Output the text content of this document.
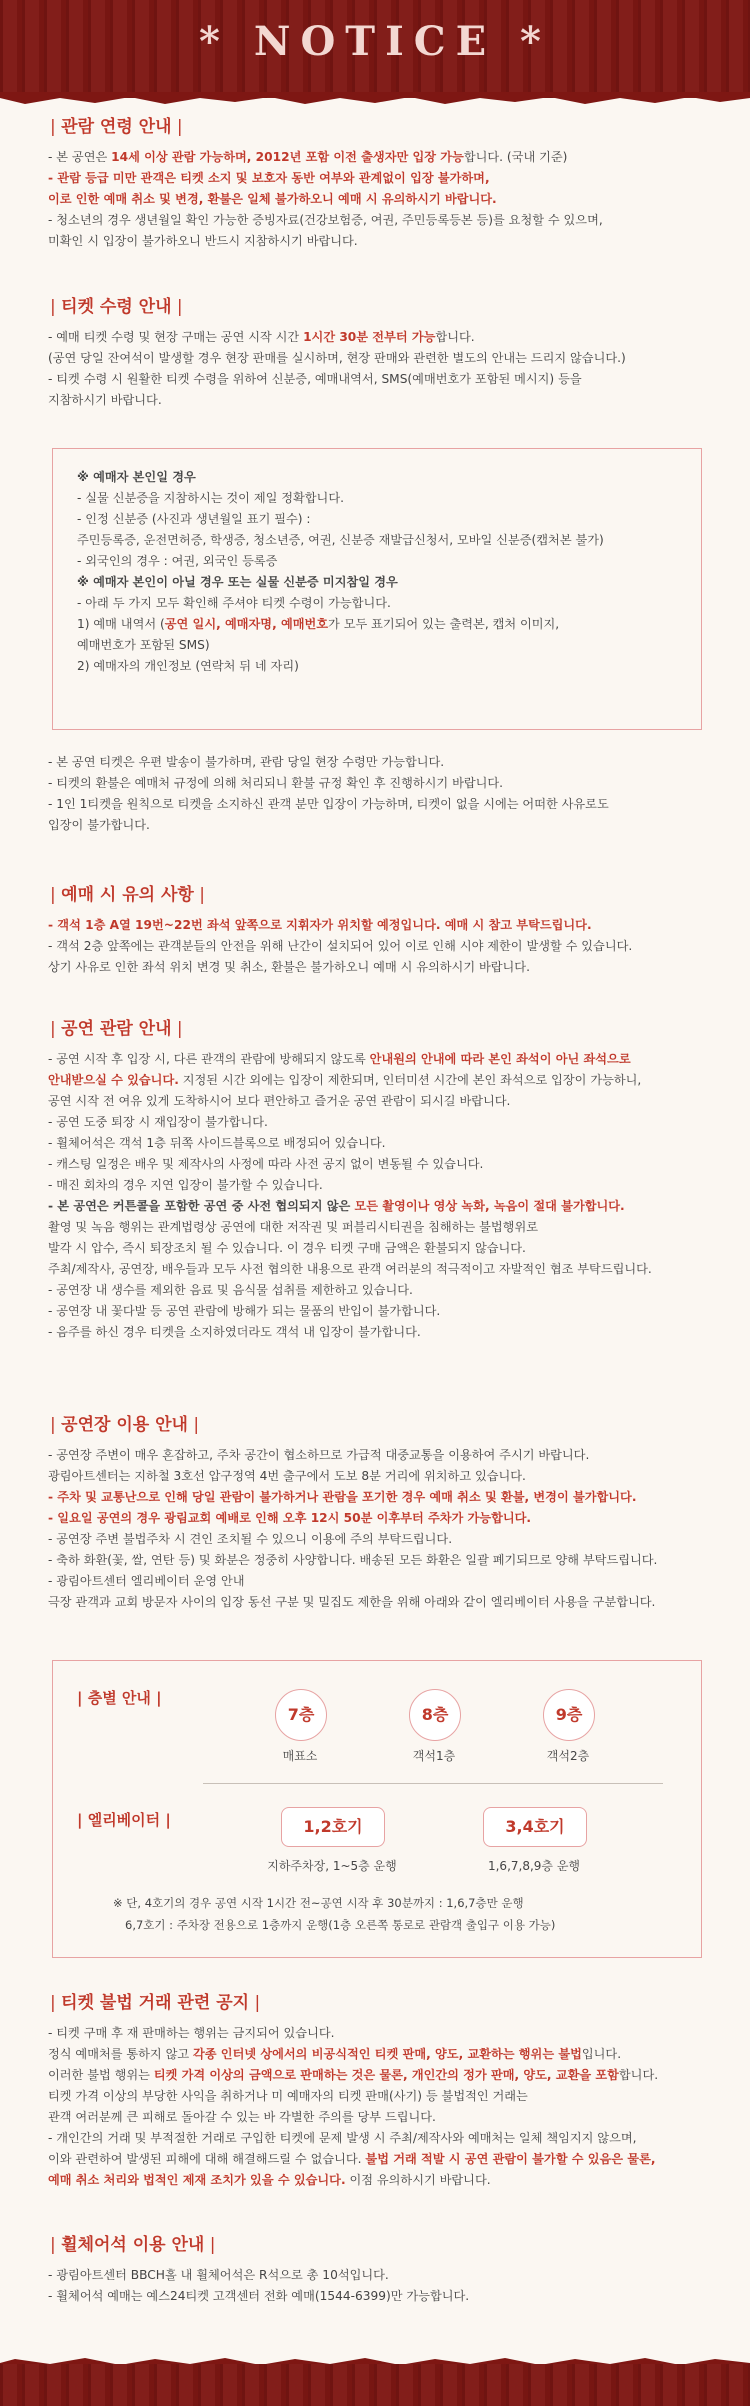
* NOTICE *
| 관람 연령 안내 |
- 본 공연은 14세 이상 관람 가능하며, 2012년 포함 이전 출생자만 입장 가능합니다. (국내 기준)
- 관람 등급 미만 관객은 티켓 소지 및 보호자 동반 여부와 관계없이 입장 불가하며,
이로 인한 예매 취소 및 변경, 환불은 일체 불가하오니 예매 시 유의하시기 바랍니다.
- 청소년의 경우 생년월일 확인 가능한 증빙자료(건강보험증, 여권, 주민등록등본 등)를 요청할 수 있으며,
미확인 시 입장이 불가하오니 반드시 지참하시기 바랍니다.
| 티켓 수령 안내 |
- 예매 티켓 수령 및 현장 구매는 공연 시작 시간 1시간 30분 전부터 가능합니다.
(공연 당일 잔여석이 발생할 경우 현장 판매를 실시하며, 현장 판매와 관련한 별도의 안내는 드리지 않습니다.)
- 티켓 수령 시 원활한 티켓 수령을 위하여 신분증, 예매내역서, SMS(예매번호가 포함된 메시지) 등을
지참하시기 바랍니다.
※ 예매자 본인일 경우
- 실물 신분증을 지참하시는 것이 제일 정확합니다.
- 인정 신분증 (사진과 생년월일 표기 필수) :
주민등록증, 운전면허증, 학생증, 청소년증, 여권, 신분증 재발급신청서, 모바일 신분증(캡처본 불가)
- 외국인의 경우 : 여권, 외국인 등록증
※ 예매자 본인이 아닐 경우 또는 실물 신분증 미지참일 경우
- 아래 두 가지 모두 확인해 주셔야 티켓 수령이 가능합니다.
1) 예매 내역서 (공연 일시, 예매자명, 예매번호가 모두 표기되어 있는 출력본, 캡처 이미지,
예매번호가 포함된 SMS)
2) 예매자의 개인정보 (연락처 뒤 네 자리)
- 본 공연 티켓은 우편 발송이 불가하며, 관람 당일 현장 수령만 가능합니다.
- 티켓의 환불은 예매처 규정에 의해 처리되니 환불 규정 확인 후 진행하시기 바랍니다.
- 1인 1티켓을 원칙으로 티켓을 소지하신 관객 분만 입장이 가능하며, 티켓이 없을 시에는 어떠한 사유로도
입장이 불가합니다.
| 예매 시 유의 사항 |
- 객석 1층 A열 19번~22번 좌석 앞쪽으로 지휘자가 위치할 예정입니다. 예매 시 참고 부탁드립니다.
- 객석 2층 앞쪽에는 관객분들의 안전을 위해 난간이 설치되어 있어 이로 인해 시야 제한이 발생할 수 있습니다.
상기 사유로 인한 좌석 위치 변경 및 취소, 환불은 불가하오니 예매 시 유의하시기 바랍니다.
| 공연 관람 안내 |
- 공연 시작 후 입장 시, 다른 관객의 관람에 방해되지 않도록 안내원의 안내에 따라 본인 좌석이 아닌 좌석으로
안내받으실 수 있습니다. 지정된 시간 외에는 입장이 제한되며, 인터미션 시간에 본인 좌석으로 입장이 가능하니,
공연 시작 전 여유 있게 도착하시어 보다 편안하고 즐거운 공연 관람이 되시길 바랍니다.
- 공연 도중 퇴장 시 재입장이 불가합니다.
- 휠체어석은 객석 1층 뒤쪽 사이드블록으로 배정되어 있습니다.
- 캐스팅 일정은 배우 및 제작사의 사정에 따라 사전 공지 없이 변동될 수 있습니다.
- 매진 회차의 경우 지연 입장이 불가할 수 있습니다.
- 본 공연은 커튼콜을 포함한 공연 중 사전 협의되지 않은 모든 촬영이나 영상 녹화, 녹음이 절대 불가합니다.
촬영 및 녹음 행위는 관계법령상 공연에 대한 저작권 및 퍼블리시티권을 침해하는 불법행위로
발각 시 압수, 즉시 퇴장조치 될 수 있습니다. 이 경우 티켓 구매 금액은 환불되지 않습니다.
주최/제작사, 공연장, 배우들과 모두 사전 협의한 내용으로 관객 여러분의 적극적이고 자발적인 협조 부탁드립니다.
- 공연장 내 생수를 제외한 음료 및 음식물 섭취를 제한하고 있습니다.
- 공연장 내 꽃다발 등 공연 관람에 방해가 되는 물품의 반입이 불가합니다.
- 음주를 하신 경우 티켓을 소지하였더라도 객석 내 입장이 불가합니다.
| 공연장 이용 안내 |
- 공연장 주변이 매우 혼잡하고, 주차 공간이 협소하므로 가급적 대중교통을 이용하여 주시기 바랍니다.
광림아트센터는 지하철 3호선 압구정역 4번 출구에서 도보 8분 거리에 위치하고 있습니다.
- 주차 및 교통난으로 인해 당일 관람이 불가하거나 관람을 포기한 경우 예매 취소 및 환불, 변경이 불가합니다.
- 일요일 공연의 경우 광림교회 예배로 인해 오후 12시 50분 이후부터 주차가 가능합니다.
- 공연장 주변 불법주차 시 견인 조치될 수 있으니 이용에 주의 부탁드립니다.
- 축하 화환(꽃, 쌀, 연탄 등) 및 화분은 정중히 사양합니다. 배송된 모든 화환은 일괄 폐기되므로 양해 부탁드립니다.
- 광림아트센터 엘리베이터 운영 안내
극장 관객과 교회 방문자 사이의 입장 동선 구분 및 밀집도 제한을 위해 아래와 같이 엘리베이터 사용을 구분합니다.
| 층별 안내 |
7층
매표소
8층
객석1층
9층
객석2층
| 엘리베이터 |	1,2호기
지하주차장, 1~5층 운행
3,4호기
1,6,7,8,9층 운행
※ 단, 4호기의 경우 공연 시작 1시간 전~공연 시작 후 30분까지 : 1,6,7층만 운행
6,7호기 : 주차장 전용으로 1층까지 운행(1층 오른쪽 통로로 관람객 출입구 이용 가능)
| 티켓 불법 거래 관련 공지 |
- 티켓 구매 후 재 판매하는 행위는 금지되어 있습니다.
정식 예매처를 통하지 않고 각종 인터넷 상에서의 비공식적인 티켓 판매, 양도, 교환하는 행위는 불법입니다.
이러한 불법 행위는 티켓 가격 이상의 금액으로 판매하는 것은 물론, 개인간의 정가 판매, 양도, 교환을 포함합니다.
티켓 가격 이상의 부당한 사익을 취하거나 미 예매자의 티켓 판매(사기) 등 불법적인 거래는
관객 여러분께 큰 피해로 돌아갈 수 있는 바 각별한 주의를 당부 드립니다.
- 개인간의 거래 및 부적절한 거래로 구입한 티켓에 문제 발생 시 주최/제작사와 예매처는 일체 책임지지 않으며,
이와 관련하여 발생된 피해에 대해 해결해드릴 수 없습니다. 불법 거래 적발 시 공연 관람이 불가할 수 있음은 물론,
예매 취소 처리와 법적인 제재 조치가 있을 수 있습니다. 이점 유의하시기 바랍니다.
| 휠체어석 이용 안내 |
- 광림아트센터 BBCH홀 내 휠체어석은 R석으로 총 10석입니다.
- 휠체어석 예매는 예스24티켓 고객센터 전화 예매(1544-6399)만 가능합니다.
